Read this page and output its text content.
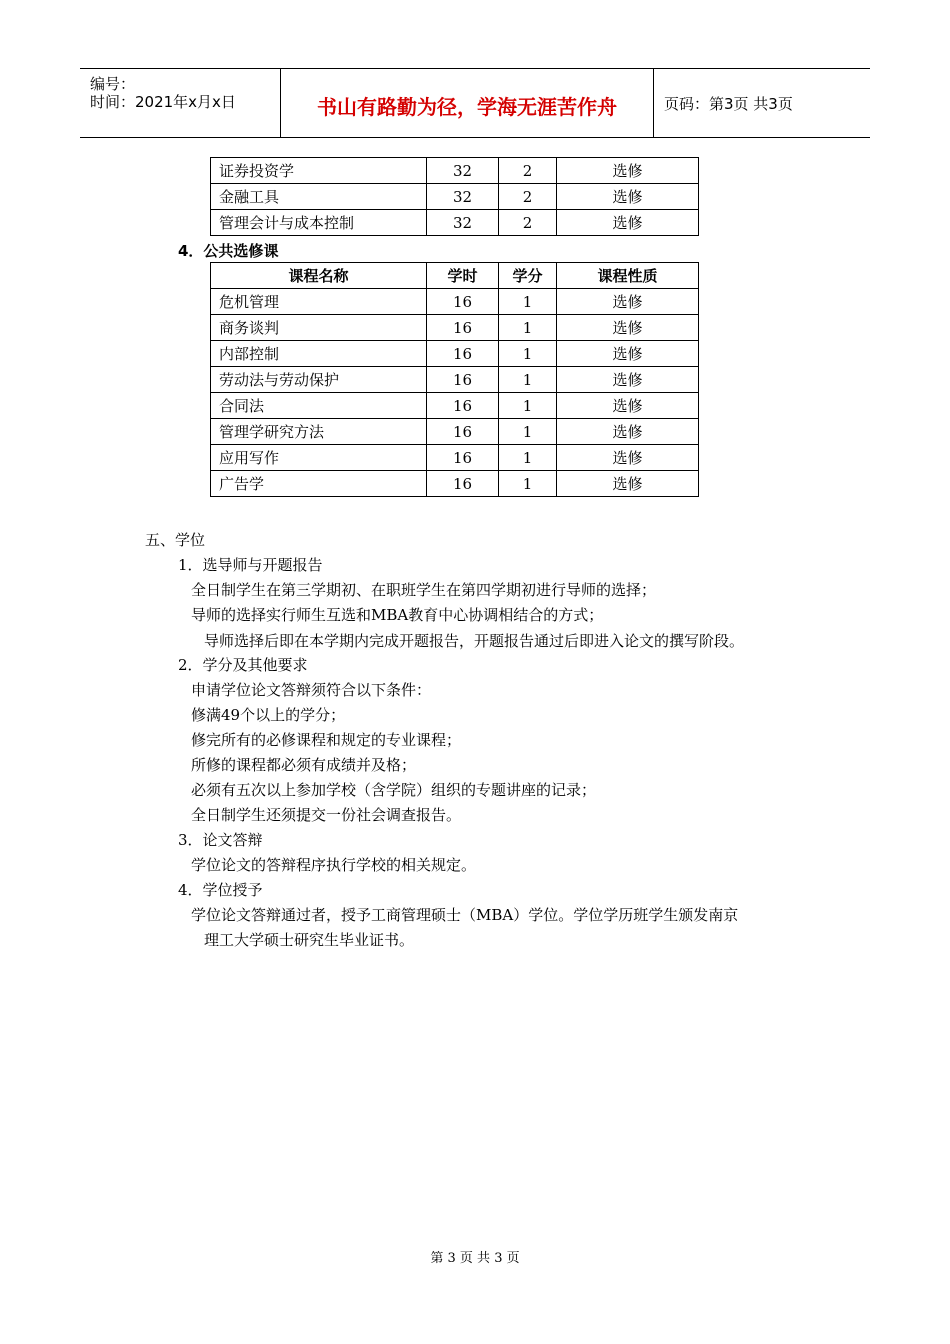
编号：
时间：2021年x月x日	书山有路勤为径，学海无涯苦作舟	页码：第3页 共3页
证券投资学	32	2	选修
金融工具	32	2	选修
管理会计与成本控制	32	2	选修
4．公共选修课
课程名称	学时	学分	课程性质
危机管理	16	1	选修
商务谈判	16	1	选修
内部控制	16	1	选修
劳动法与劳动保护	16	1	选修
合同法	16	1	选修
管理学研究方法	16	1	选修
应用写作	16	1	选修
广告学	16	1	选修
五、学位
1．选导师与开题报告
全日制学生在第三学期初、在职班学生在第四学期初进行导师的选择；
导师的选择实行师生互选和MBA教育中心协调相结合的方式；
导师选择后即在本学期内完成开题报告，开题报告通过后即进入论文的撰写阶段。
2．学分及其他要求
申请学位论文答辩须符合以下条件：
修满49个以上的学分；
修完所有的必修课程和规定的专业课程；
所修的课程都必须有成绩并及格；
必须有五次以上参加学校（含学院）组织的专题讲座的记录；
全日制学生还须提交一份社会调查报告。
3．论文答辩
学位论文的答辩程序执行学校的相关规定。
4．学位授予
学位论文答辩通过者，授予工商管理硕士（MBA）学位。学位学历班学生颁发南京
理工大学硕士研究生毕业证书。
第 3 页 共 3 页
